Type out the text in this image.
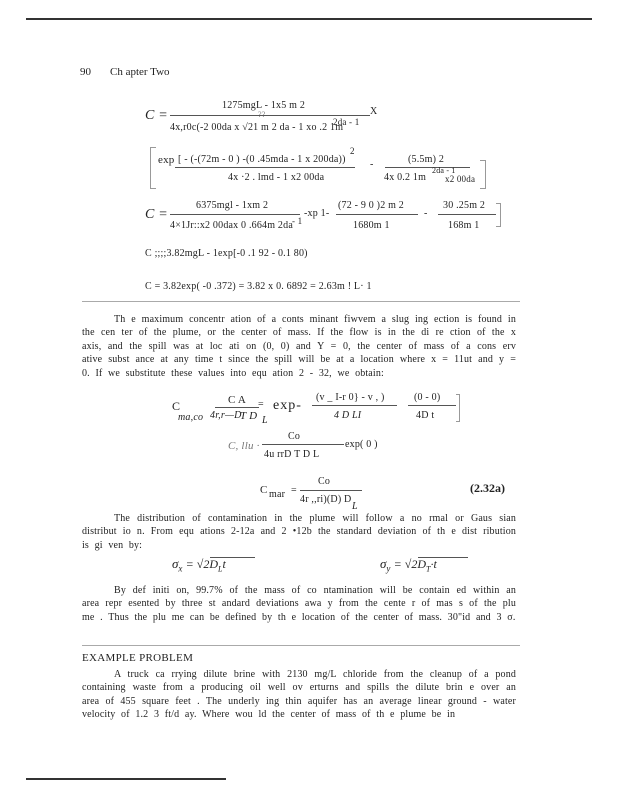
90 Ch apter Two
C =
1275mgL - 1x5 m 2
??	X
4x,r0c(-2 00da x √21 m 2 da - 1 xo .2 1m
2da - 1
exp [ - (-(72m - 0 ) -(0 .45mda - 1 x 200da))
2
-
4x ·2 . lmd - 1 x2 00da
(5.5m) 2
4x 0.2 1m
2da - 1
x2 00da
C =
6375mgl - 1xm 2
4×1Jr::x2 00dax 0 .664m 2da - 1
-xp 1-
(72 - 9 0 )2 m 2
1680m 1
-
30 .25m 2
168m 1
C ;;;;3.82mgL - 1exp[-0 .1 92 - 0.1 80)
C = 3.82exp( -0 .372) = 3.82 x 0. 6892 = 2.63m ! L· 1

Th e maximum concentr ation of a conts minant fiwvem a slug ing ection is found in the cen ter of the plume, or the center of mass. If the flow is in the di re ction of the x axis, and the spill was at loc ati on (0, 0) and Y = 0, the center of mass of a cons erv ative subst ance at any time t since the spill will be at a location where x = 11ut and y = 0. If we substitute these values into equ ation 2 - 32, we obtain:

C
ma,co
C A
4r,r—D
T D L
= exp-
(v _ I-r 0} - v , )
4 D LI
(0 - 0)
4D t
C, llu ·
Co
4u rrD T D L
exp( 0 )
C mar =
Co
4r ,,ri)(D) D
L
(2.32a)

The distribution of contamination in the plume will follow a no rmal or Gaus sian distribut io n. From equ ations 2-12a and 2 •12b the standard deviation of th e dist ribution is gi ven by:

$\sigma_x = √2D_Lt$	$\sigma_y = √2D_T\cdot t$

By def initi on, 99.7% of the mass of co ntamination will be contain ed within an area repr esented by three st andard deviations awa y from the cente r of mas s of the plu me . Thus the plu me can be defined by th e location of the center of mass. 30"id and 3 σ.

EXAMPLE PROBLEM

A truck ca rrying dilute brine with 2130 mg/L chloride from the cleanup of a pond containing waste from a producing oil well ov erturns and spills the dilute brin e over an area of 455 square feet . The underly ing thin aquifer has an average linear ground - water velocity of 1.2 3 ft/d ay. Where wou ld the center of mass of th e plume be in
